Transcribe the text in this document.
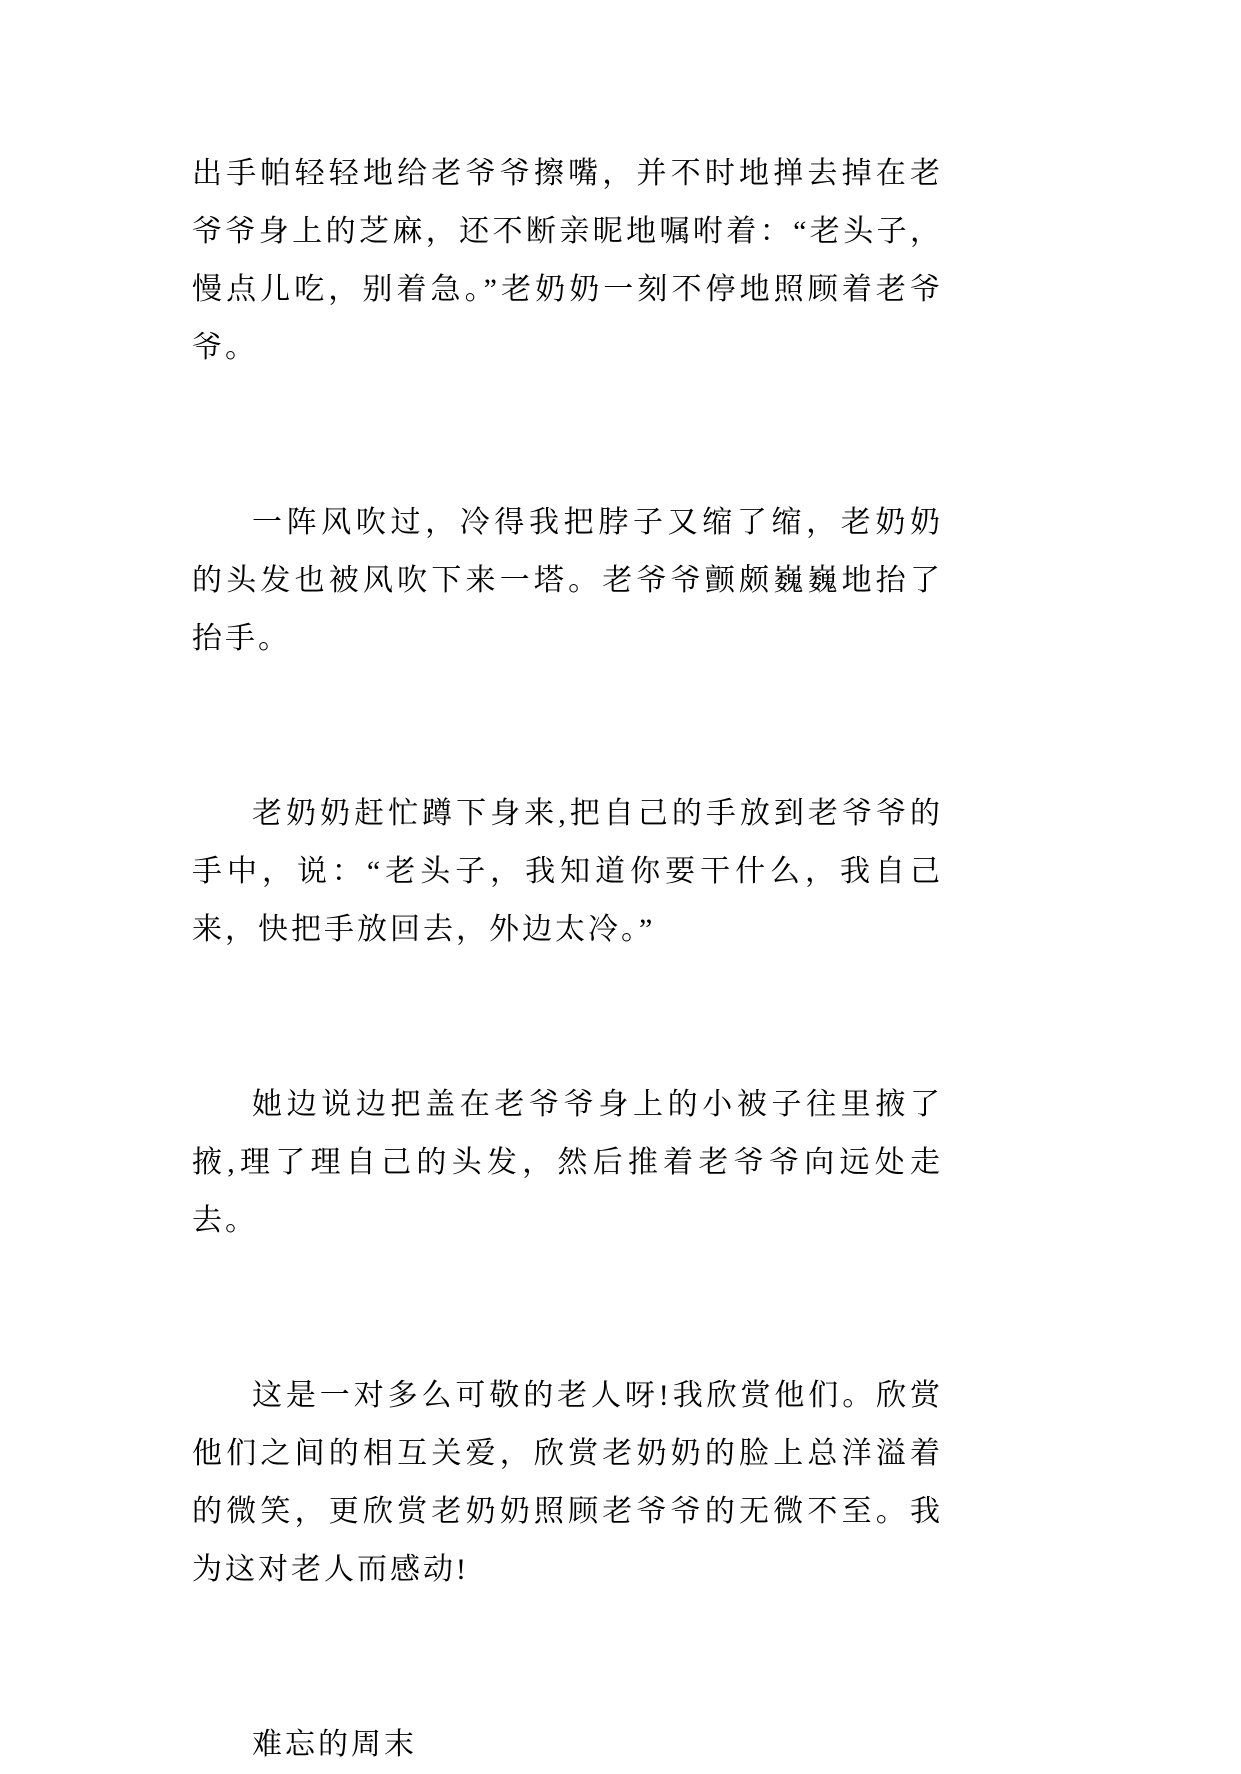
出手帕轻轻地给老爷爷擦嘴，并不时地掸去掉在老爷爷身上的芝麻，还不断亲昵地嘱咐着：“老头子，慢点儿吃，别着急。”老奶奶一刻不停地照顾着老爷爷。
一阵风吹过，冷得我把脖子又缩了缩，老奶奶的头发也被风吹下来一塔。老爷爷颤颇巍巍地抬了抬手。
老奶奶赶忙蹲下身来,把自己的手放到老爷爷的手中，说：“老头子，我知道你要干什么，我自己来，快把手放回去，外边太冷。”
她边说边把盖在老爷爷身上的小被子往里掖了掖,理了理自己的头发，然后推着老爷爷向远处走去。
这是一对多么可敬的老人呀!我欣赏他们。欣赏他们之间的相互关爱，欣赏老奶奶的脸上总洋溢着的微笑，更欣赏老奶奶照顾老爷爷的无微不至。我为这对老人而感动!
难忘的周末
